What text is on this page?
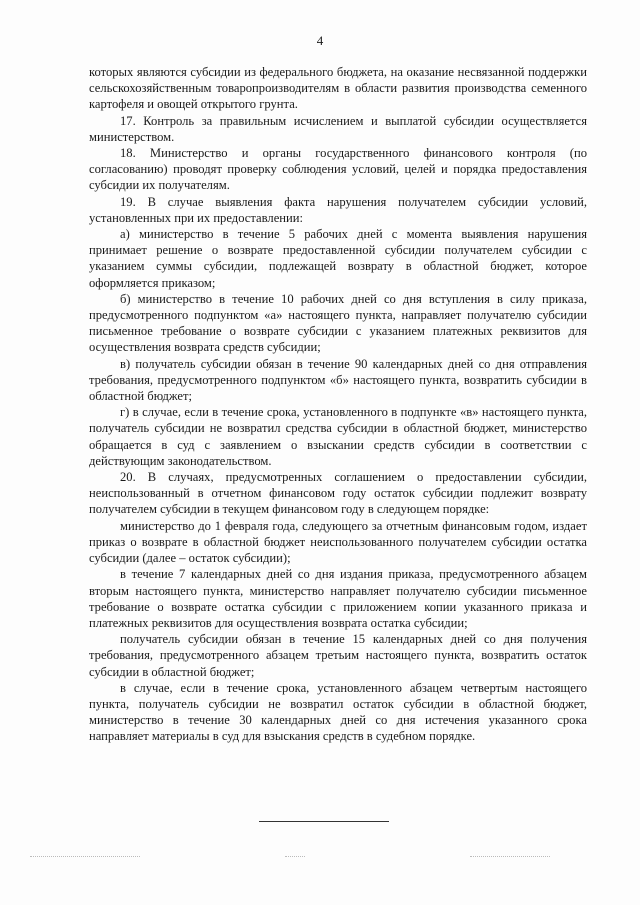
4

которых являются субсидии из федерального бюджета, на оказание несвязанной поддержки сельскохозяйственным товаропроизводителям в области развития производства семенного картофеля и овощей открытого грунта.

17. Контроль за правильным исчислением и выплатой субсидии осуществляется министерством.

18. Министерство и органы государственного финансового контроля (по согласованию) проводят проверку соблюдения условий, целей и порядка предоставления субсидии их получателям.

19. В случае выявления факта нарушения получателем субсидии условий, установленных при их предоставлении:

а) министерство в течение 5 рабочих дней с момента выявления нарушения принимает решение о возврате предоставленной субсидии получателем субсидии с указанием суммы субсидии, подлежащей возврату в областной бюджет, которое оформляется приказом;

б) министерство в течение 10 рабочих дней со дня вступления в силу приказа, предусмотренного подпунктом «а» настоящего пункта, направляет получателю субсидии письменное требование о возврате субсидии с указанием платежных реквизитов для осуществления возврата средств субсидии;

в) получатель субсидии обязан в течение 90 календарных дней со дня отправления требования, предусмотренного подпунктом «б» настоящего пункта, возвратить субсидии в областной бюджет;

г) в случае, если в течение срока, установленного в подпункте «в» настоящего пункта, получатель субсидии не возвратил средства субсидии в областной бюджет, министерство обращается в суд с заявлением о взыскании средств субсидии в соответствии с действующим законодательством.

20. В случаях, предусмотренных соглашением о предоставлении субсидии, неиспользованный в отчетном финансовом году остаток субсидии подлежит возврату получателем субсидии в текущем финансовом году в следующем порядке:

министерство до 1 февраля года, следующего за отчетным финансовым годом, издает приказ о возврате в областной бюджет неиспользованного получателем субсидии остатка субсидии (далее – остаток субсидии);

в течение 7 календарных дней со дня издания приказа, предусмотренного абзацем вторым настоящего пункта, министерство направляет получателю субсидии письменное требование о возврате остатка субсидии с приложением копии указанного приказа и платежных реквизитов для осуществления возврата остатка субсидии;

получатель субсидии обязан в течение 15 календарных дней со дня получения требования, предусмотренного абзацем третьим настоящего пункта, возвратить остаток субсидии в областной бюджет;

в случае, если в течение срока, установленного абзацем четвертым настоящего пункта, получатель субсидии не возвратил остаток субсидии в областной бюджет, министерство в течение 30 календарных дней со дня истечения указанного срока направляет материалы в суд для взыскания средств в судебном порядке.
